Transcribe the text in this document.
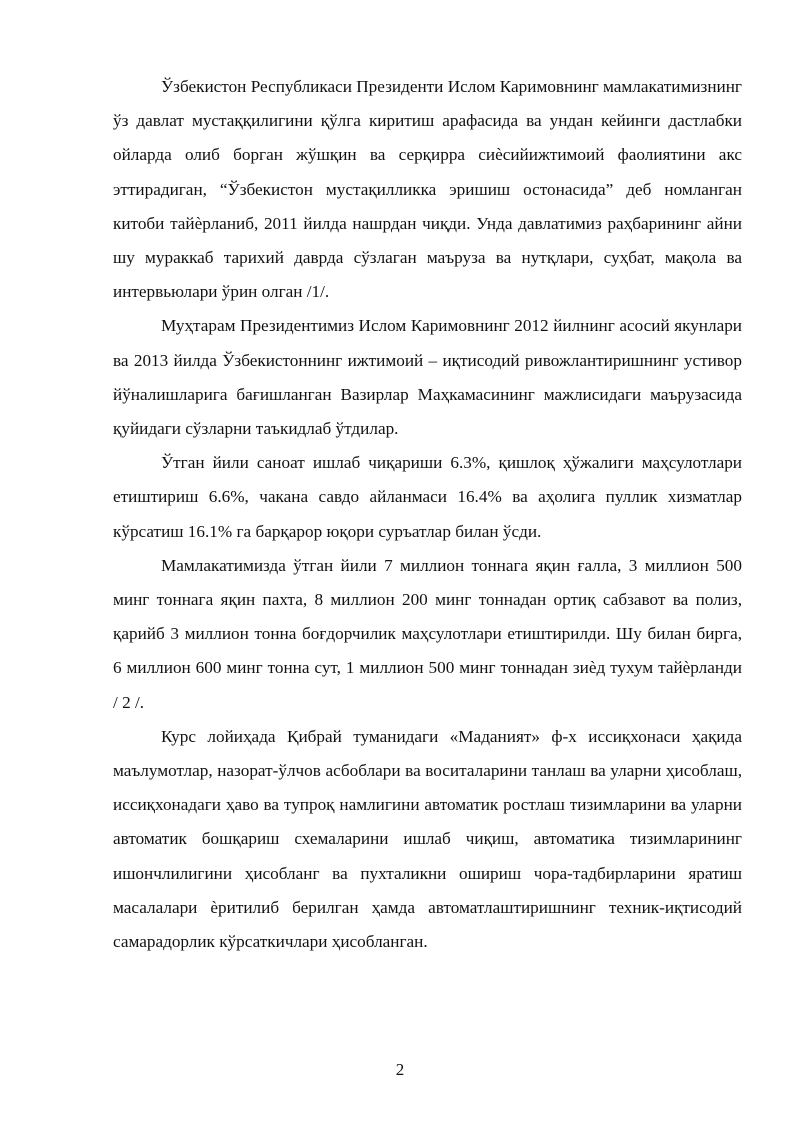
Ўзбекистон Республикаси Президенти Ислом Каримовнинг мамлакатимизнинг ўз давлат мустаққилигини қўлга киритиш арафасида ва ундан кейинги дастлабки ойларда олиб борган жўшқин ва серқирра сиѐсийижтимоий фаолиятини акс эттирадиган, “Ўзбекистон мустақилликка эришиш остонасида” деб номланган китоби тайѐрланиб, 2011 йилда нашрдан чиқди. Унда давлатимиз раҳбарининг айни шу мураккаб тарихий даврда сўзлаган маърузa ва нутқлари, суҳбат, мақола ва интервьюлари ўрин олган /1/.

Муҳтарам Президентимиз Ислом Каримовнинг 2012 йилнинг асосий якунлари ва 2013 йилда Ўзбекистоннинг ижтимоий – иқтисодий ривожлантиришнинг устивор йўналишларига бағишланган Вазирлар Маҳкамасининг мажлисидаги маърузасида қуйидаги сўзларни таъкидлаб ўтдилар.

Ўтган йили саноат ишлаб чиқариши 6.3%, қишлоқ ҳўжалиги маҳсулотлари етиштириш 6.6%, чакана савдо айланмаси 16.4% ва аҳолига пуллик хизматлар кўрсатиш 16.1% га барқарор юқори суръатлар билан ўсди.

Мамлакатимизда ўтган йили 7 миллион тоннага яқин ғалла, 3 миллион 500 минг тоннага яқин пахта, 8 миллион 200 минг тоннадан ортиқ сабзавот ва полиз, қарийб 3 миллион тонна боғдорчилик маҳсулотлари етиштирилди. Шу билан бирга, 6 миллион 600 минг тонна сут, 1 миллион 500 минг тоннадан зиѐд тухум тайѐрланди / 2 /.

Курс лойиҳада Қибрай туманидаги «Маданият» ф-х иссиқхонаси ҳақида маълумотлар, назорат-ўлчов асбоблари ва воситаларини танлаш ва уларни ҳисоблаш, иссиқхонадаги ҳаво ва тупроқ намлигини автоматик ростлаш тизимларини ва уларни автоматик бошқариш схемаларини ишлаб чиқиш, автоматика тизимларининг ишончлилигини ҳисобланг ва пухталикни ошириш чора-тадбирларини яратиш масалалари ѐритилиб берилган ҳамда автоматлаштиришнинг техник-иқтисодий самарадорлик кўрсаткичлари ҳисобланган.

2
